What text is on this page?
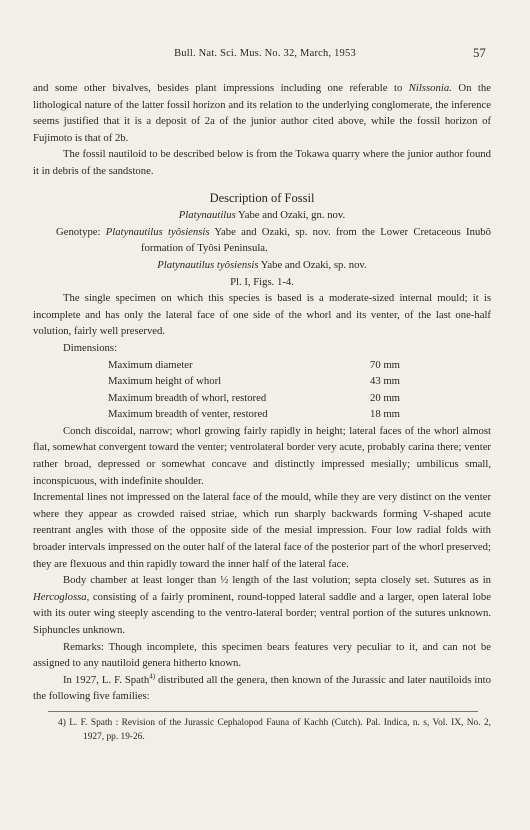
Bull. Nat. Sci. Mus. No. 32, March, 1953	57

and some other bivalves, besides plant impressions including one referable to Nilssonia. On the lithological nature of the latter fossil horizon and its relation to the underlying conglomerate, the inference seems justified that it is a deposit of 2a of the junior author cited above, while the fossil horizon of Fujimoto is that of 2b.

The fossil nautiloid to be described below is from the Tokawa quarry where the junior author found it in debris of the sandstone.

Description of Fossil

Platynautilus Yabe and Ozaki, gn. nov.

Genotype: Platynautilus tyôsiensis Yabe and Ozaki, sp. nov. from the Lower Cretaceous Inubô formation of Tyôsi Peninsula.

Platynautilus tyôsiensis Yabe and Ozaki, sp. nov.

Pl. I, Figs. 1-4.

The single specimen on which this species is based is a moderate-sized internal mould; it is incomplete and has only the lateral face of one side of the whorl and its venter, of the last one-half volution, fairly well preserved.

Dimensions:

Maximum diameter	70 mm
Maximum height of whorl	43 mm
Maximum breadth of whorl, restored	20 mm
Maximum breadth of venter, restored	18 mm

Conch discoidal, narrow; whorl growing fairly rapidly in height; lateral faces of the whorl almost flat, somewhat convergent toward the venter; ventrolateral border very acute, probably carina there; venter rather broad, depressed or somewhat concave and distinctly impressed mesially; umbilicus small, inconspicuous, with indefinite shoulder.

Incremental lines not impressed on the lateral face of the mould, while they are very distinct on the venter where they appear as crowded raised striae, which run sharply backwards forming V-shaped acute reentrant angles with those of the opposite side of the mesial impression. Four low radial folds with broader intervals impressed on the outer half of the lateral face of the posterior part of the whorl preserved; they are flexuous and thin rapidly toward the inner half of the lateral face.

Body chamber at least longer than ½ length of the last volution; septa closely set. Sutures as in Hercoglossa, consisting of a fairly prominent, round-topped lateral saddle and a larger, open lateral lobe with its outer wing steeply ascending to the ventro-lateral border; ventral portion of the sutures unknown. Siphuncles unknown.

Remarks: Though incomplete, this specimen bears features very peculiar to it, and can not be assigned to any nautiloid genera hitherto known.

In 1927, L. F. Spath$^{4)}$ distributed all the genera, then known of the Jurassic and later nautiloids into the following five families:

4) L. F. Spath : Revision of the Jurassic Cephalopod Fauna of Kachh (Cutch). Pal. Indica, n. s, Vol. IX, No. 2, 1927, pp. 19-26.
